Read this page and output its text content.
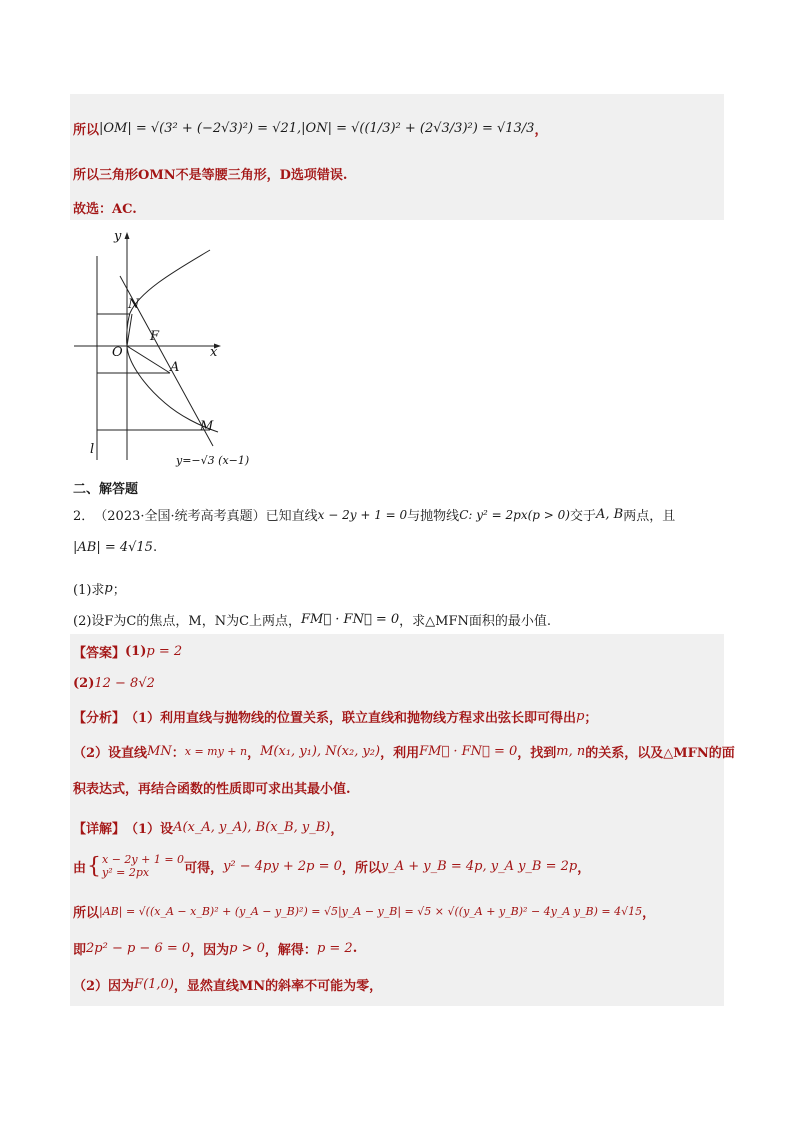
所以 |OM| = √(3² + (−2√3)²) = √21 ,|ON| = √((1/3)² + (2√3/3)²) = √13/3 ，
所以三角形OMN不是等腰三角形，D选项错误.
故选：AC.
y
x
N
O
F
A
M
l
y=−√3 (x−1)
二、解答题
2． （2023·全国·统考高考真题） 已知直线 x − 2y + 1 = 0 与抛物线 C: y² = 2px(p > 0) 交于 A, B 两点，且
|AB| = 4√15 .
(1)求 p ；
(2)设F为C的焦点，M，N为C上两点， FM⃗ · FN⃗ = 0 ，求△MFN面积的最小值.
【答案】 (1) p = 2
(2) 12 − 8√2
【分析】 （1）利用直线与抛物线的位置关系，联立直线和抛物线方程求出弦长即可得出 p ；
（2）设直线 MN ： x = my + n ， M(x₁, y₁), N(x₂, y₂) ，利用 FM⃗ · FN⃗ = 0 ，找到 m, n 的关系，以及△MFN的面
积表达式，再结合函数的性质即可求出其最小值.
【详解】 （1）设 A(x_A, y_A), B(x_B, y_B) ，
由 { x − 2y + 1 = 0
y² = 2px	可得， y² − 4py + 2p = 0 ，所以 y_A + y_B = 4p, y_A y_B = 2p ，
所以 |AB| = √((x_A − x_B)² + (y_A − y_B)²) = √5|y_A − y_B| = √5 × √((y_A + y_B)² − 4y_A y_B) = 4√15 ，
即 2p² − p − 6 = 0 ，因为 p > 0 ，解得： p = 2 .
（2）因为 F(1,0) ，显然直线MN的斜率不可能为零，
